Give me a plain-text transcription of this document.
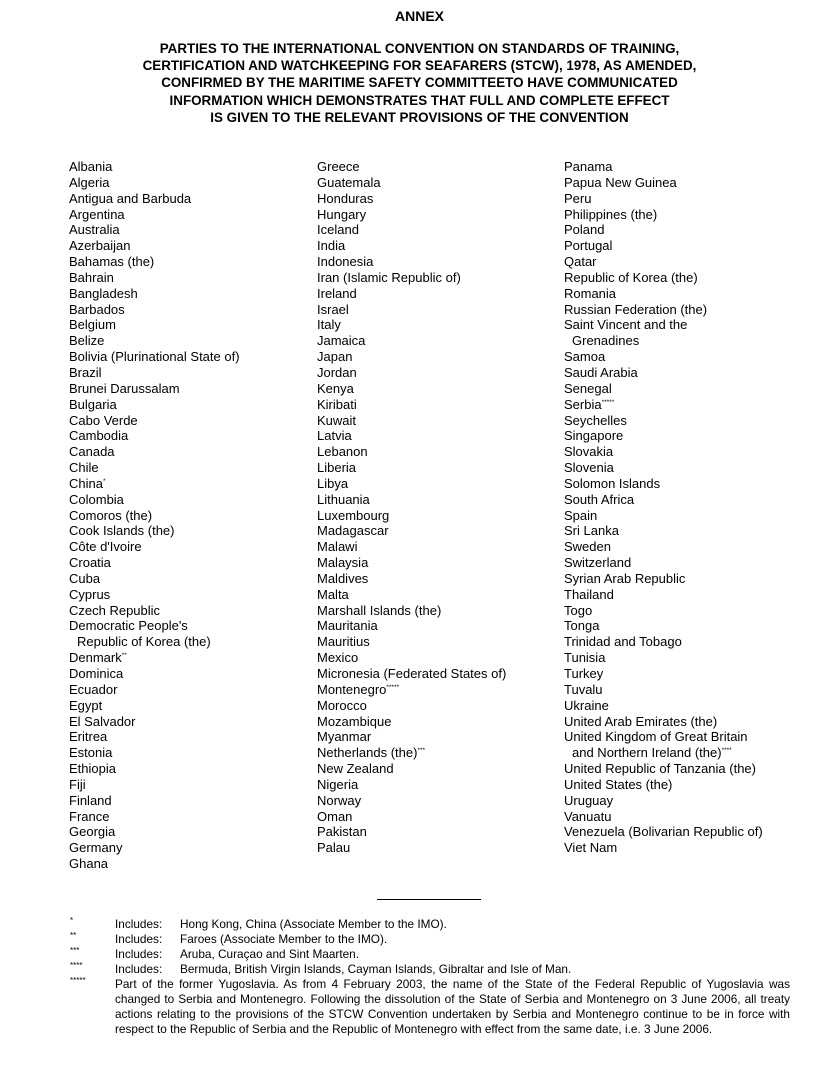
ANNEX
PARTIES TO THE INTERNATIONAL CONVENTION ON STANDARDS OF TRAINING,
CERTIFICATION AND WATCHKEEPING FOR SEAFARERS (STCW), 1978, AS AMENDED,
CONFIRMED BY THE MARITIME SAFETY COMMITTEETO HAVE COMMUNICATED
INFORMATION WHICH DEMONSTRATES THAT FULL AND COMPLETE EFFECT
IS GIVEN TO THE RELEVANT PROVISIONS OF THE CONVENTION
Albania
Algeria
Antigua and Barbuda
Argentina
Australia
Azerbaijan
Bahamas (the)
Bahrain
Bangladesh
Barbados
Belgium
Belize
Bolivia (Plurinational State of)
Brazil
Brunei Darussalam
Bulgaria
Cabo Verde
Cambodia
Canada
Chile
China*
Colombia
Comoros (the)
Cook Islands (the)
Côte d'Ivoire
Croatia
Cuba
Cyprus
Czech Republic
Democratic People's
Republic of Korea (the)
Denmark**
Dominica
Ecuador
Egypt
El Salvador
Eritrea
Estonia
Ethiopia
Fiji
Finland
France
Georgia
Germany
Ghana
Greece
Guatemala
Honduras
Hungary
Iceland
India
Indonesia
Iran (Islamic Republic of)
Ireland
Israel
Italy
Jamaica
Japan
Jordan
Kenya
Kiribati
Kuwait
Latvia
Lebanon
Liberia
Libya
Lithuania
Luxembourg
Madagascar
Malawi
Malaysia
Maldives
Malta
Marshall Islands (the)
Mauritania
Mauritius
Mexico
Micronesia (Federated States of)
Montenegro*****
Morocco
Mozambique
Myanmar
Netherlands (the)***
New Zealand
Nigeria
Norway
Oman
Pakistan
Palau
Panama
Papua New Guinea
Peru
Philippines (the)
Poland
Portugal
Qatar
Republic of Korea (the)
Romania
Russian Federation (the)
Saint Vincent and the
Grenadines
Samoa
Saudi Arabia
Senegal
Serbia*****
Seychelles
Singapore
Slovakia
Slovenia
Solomon Islands
South Africa
Spain
Sri Lanka
Sweden
Switzerland
Syrian Arab Republic
Thailand
Togo
Tonga
Trinidad and Tobago
Tunisia
Turkey
Tuvalu
Ukraine
United Arab Emirates (the)
United Kingdom of Great Britain
and Northern Ireland (the)****
United Republic of Tanzania (the)
United States (the)
Uruguay
Vanuatu
Venezuela (Bolivarian Republic of)
Viet Nam
*	Includes: Hong Kong, China (Associate Member to the IMO).
**	Includes: Faroes (Associate Member to the IMO).
***	Includes: Aruba, Curaçao and Sint Maarten.
****	Includes: Bermuda, British Virgin Islands, Cayman Islands, Gibraltar and Isle of Man.
***** Part of the former Yugoslavia. As from 4 February 2003, the name of the State of the Federal Republic of Yugoslavia was changed to Serbia and Montenegro. Following the dissolution of the State of Serbia and Montenegro on 3 June 2006, all treaty actions relating to the provisions of the STCW Convention undertaken by Serbia and Montenegro continue to be in force with respect to the Republic of Serbia and the Republic of Montenegro with effect from the same date, i.e. 3 June 2006.
